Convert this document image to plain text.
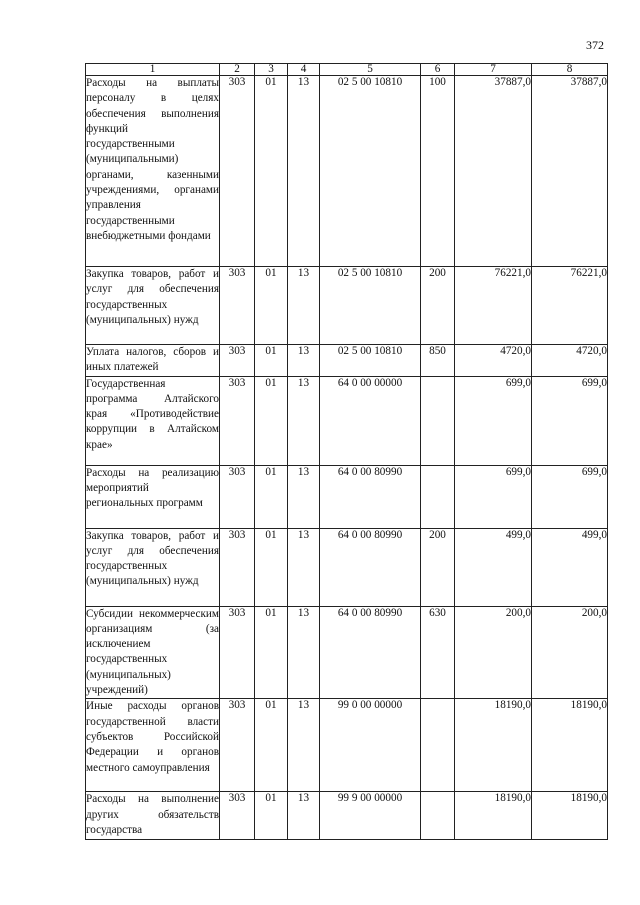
372
1	2	3	4	5	6	7	8
Расходы на выплаты персоналу в целях обеспечения выполнения функций государственными (муниципальными) органами, казенными учреждениями, органами управления государственными внебюджетными фондами	303	01	13	02 5 00 10810	100	37887,0	37887,0
Закупка товаров, работ и услуг для обеспечения государственных (муниципальных) нужд	303	01	13	02 5 00 10810	200	76221,0	76221,0
Уплата налогов, сборов и иных платежей	303	01	13	02 5 00 10810	850	4720,0	4720,0
Государственная программа Алтайского края «Противодействие коррупции в Алтайском крае»	303	01	13	64 0 00 00000		699,0	699,0
Расходы на реализацию мероприятий региональных программ	303	01	13	64 0 00 80990		699,0	699,0
Закупка товаров, работ и услуг для обеспечения государственных (муниципальных) нужд	303	01	13	64 0 00 80990	200	499,0	499,0
Субсидии некоммерческим организациям (за исключением государственных (муниципальных) учреждений)	303	01	13	64 0 00 80990	630	200,0	200,0
Иные расходы органов государственной власти субъектов Российской Федерации и органов местного самоуправления	303	01	13	99 0 00 00000		18190,0	18190,0
Расходы на выполнение других обязательств государства	303	01	13	99 9 00 00000		18190,0	18190,0
